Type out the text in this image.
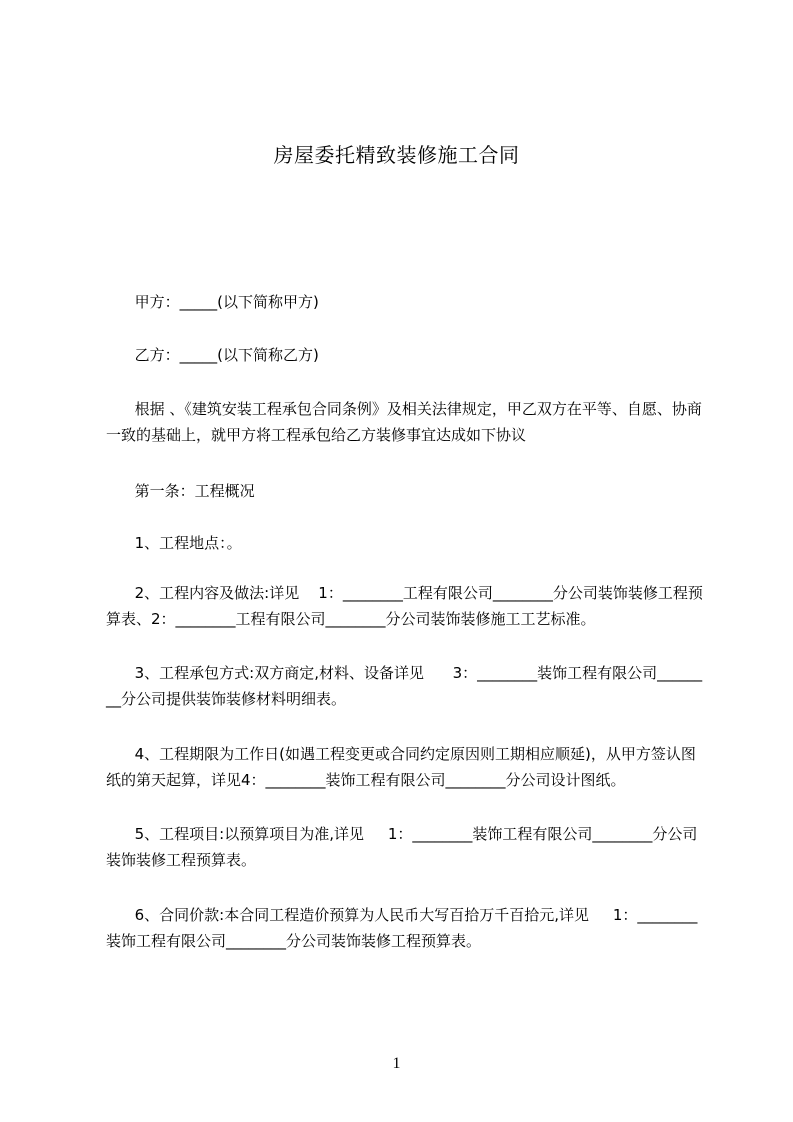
房屋委托精致装修施工合同
甲方：_____(以下简称甲方)
乙方：_____(以下简称乙方)
根据 、《建筑安装工程承包合同条例》及相关法律规定，甲乙双方在平等、自愿、协商一致的基础上，就甲方将工程承包给乙方装修事宜达成如下协议
第一条：工程概况
1、工程地点：。
2、工程内容及做法:详见    1：________工程有限公司________分公司装饰装修工程预算表、2：________工程有限公司________分公司装饰装修施工工艺标准。
3、工程承包方式:双方商定,材料、设备详见      3：________装饰工程有限公司________分公司提供装饰装修材料明细表。
4、工程期限为工作日(如遇工程变更或合同约定原因则工期相应顺延)，从甲方签认图纸的第天起算，详见4：________装饰工程有限公司________分公司设计图纸。
5、工程项目:以预算项目为准,详见     1：________装饰工程有限公司________分公司装饰装修工程预算表。
6、合同价款:本合同工程造价预算为人民币大写百拾万千百拾元,详见     1：________装饰工程有限公司________分公司装饰装修工程预算表。
1
